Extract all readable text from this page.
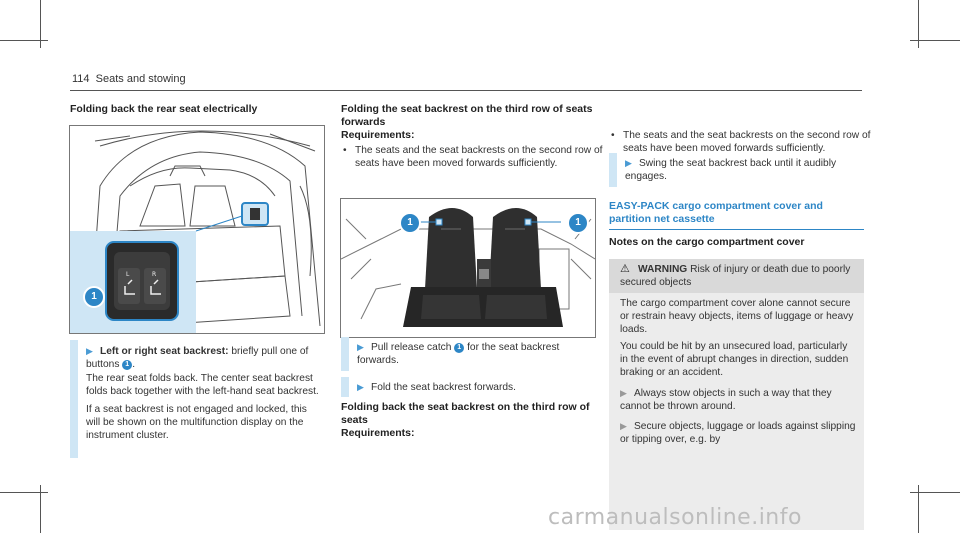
114 Seats and stowing
Folding back the rear seat electrically
L	R
1
▶ Left or right seat backrest: briefly pull one of buttons 1 .
The rear seat folds back. The center seat backrest folds back together with the left-hand seat backrest.
If a seat backrest is not engaged and locked, this will be shown on the multifunction display on the instrument cluster.
Folding the seat backrest on the third row of seats forwards
Requirements:
• The seats and the seat backrests on the second row of seats have been moved forwards sufficiently.
1	1
▶ Pull release catch 1 for the seat backrest forwards.
▶ Fold the seat backrest forwards.
Folding back the seat backrest on the third row of seats
Requirements:
• The seats and the seat backrests on the second row of seats have been moved forwards sufficiently.
▶ Swing the seat backrest back until it audibly engages.
EASY-PACK cargo compartment cover and partition net cassette
Notes on the cargo compartment cover
⚠ WARNING Risk of injury or death due to poorly secured objects
The cargo compartment cover alone cannot secure or restrain heavy objects, items of luggage or heavy loads.
You could be hit by an unsecured load, particularly in the event of abrupt changes in direction, sudden braking or an accident.
▶ Always stow objects in such a way that they cannot be thrown around.
▶ Secure objects, luggage or loads against slipping or tipping over, e.g. by
carmanualsonline.info
